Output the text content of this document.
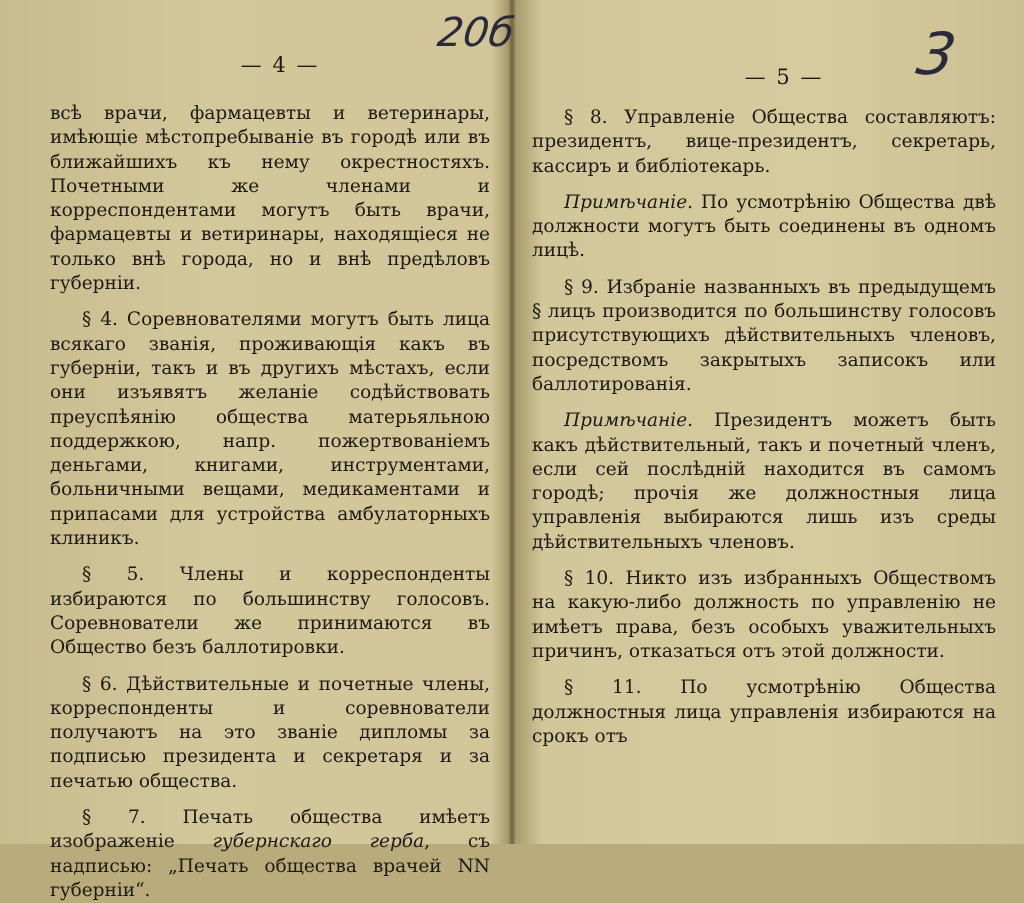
20б
— 4 —

всѣ врачи, фармацевты и ветеринары, имѣющіе мѣстопребываніе въ городѣ или въ ближайшихъ къ нему окрестностяхъ. Почетными же членами и корреспондентами могутъ быть врачи, фармацевты и ветиринары, находящіеся не только внѣ города, но и внѣ предѣловъ губерніи.

§ 4. Соревнователями могутъ быть лица всякаго званія, проживающія какъ въ губерніи, такъ и въ другихъ мѣстахъ, если они изъявятъ желаніе содѣйствовать преуспѣянію общества матерьяльною поддержкою, напр. пожертвованіемъ деньгами, книгами, инструментами, больничными вещами, медикаментами и припасами для устройства амбулаторныхъ клиникъ.

§ 5. Члены и корреспонденты избираются по большинству голосовъ. Соревнователи же принимаются въ Общество безъ баллотировки.

§ 6. Дѣйствительные и почетные члены, корреспонденты и соревнователи получаютъ на это званіе дипломы за подписью президента и секретаря и за печатью общества.

§ 7. Печать общества имѣетъ изображеніе губернскаго герба, съ надписью: „Печать общества врачей NN губерніи“.

3
— 5 —

§ 8. Управленіе Общества составляютъ: президентъ, вице-президентъ, секретарь, кассиръ и библіотекарь.

Примѣчаніе. По усмотрѣнію Общества двѣ должности могутъ быть соединены въ одномъ лицѣ.

§ 9. Избраніе названныхъ въ предыдущемъ § лицъ производится по большинству голосовъ присутствующихъ дѣйствительныхъ членовъ, посредствомъ закрытыхъ записокъ или баллотированія.

Примѣчаніе. Президентъ можетъ быть какъ дѣйствительный, такъ и почетный членъ, если сей послѣдній находится въ самомъ городѣ; прочія же должностныя лица управленія выбираются лишь изъ среды дѣйствительныхъ членовъ.

§ 10. Никто изъ избранныхъ Обществомъ на какую-либо должность по управленію не имѣетъ права, безъ особыхъ уважительныхъ причинъ, отказаться отъ этой должности.

§ 11. По усмотрѣнію Общества должностныя лица управленія избираются на срокъ отъ
